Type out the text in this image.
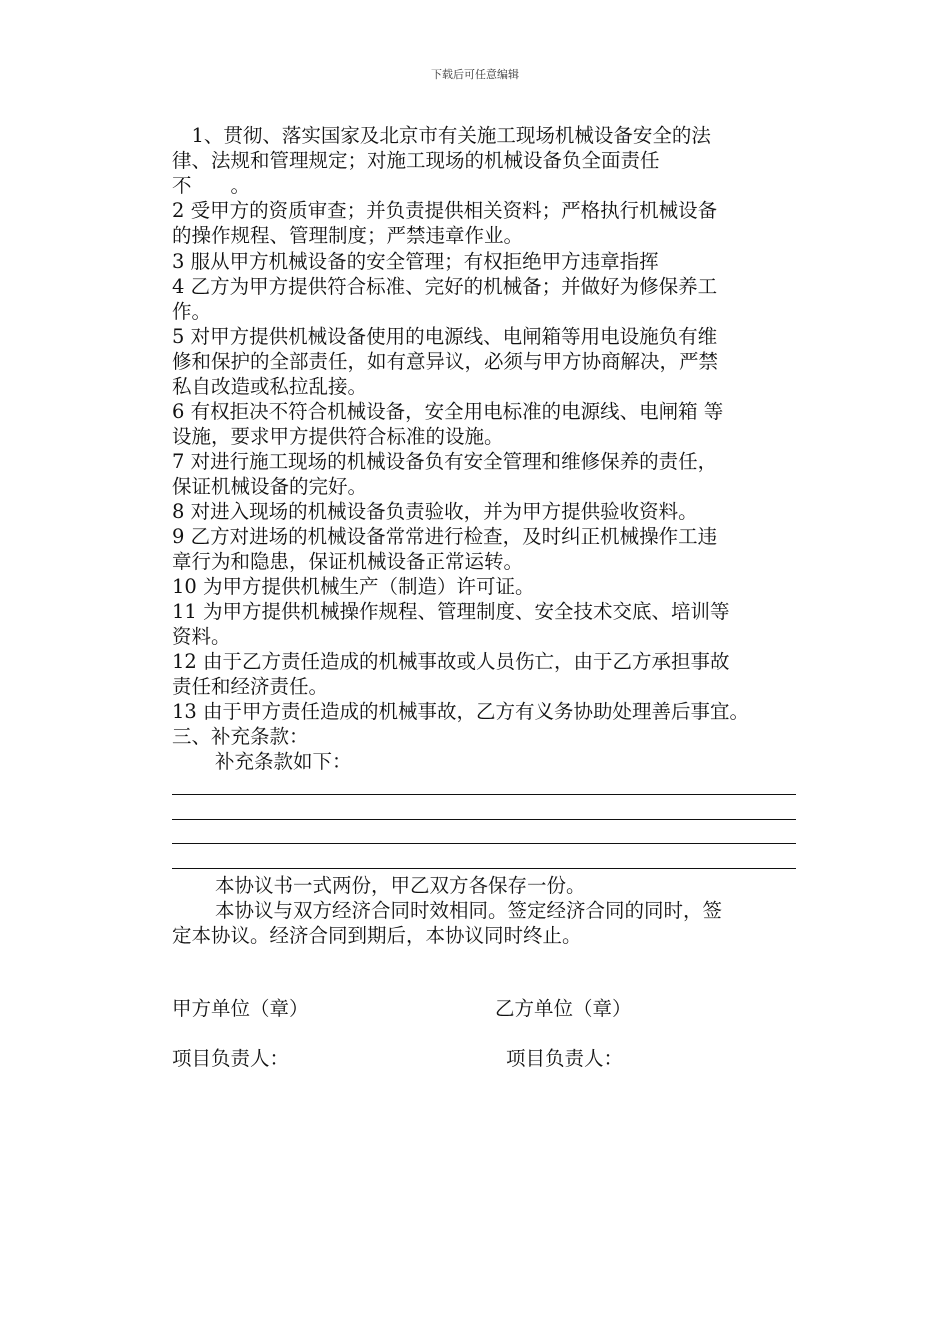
下载后可任意编辑
　1、贯彻、落实国家及北京市有关施工现场机械设备安全的法
律、法规和管理规定；对施工现场的机械设备负全面责任
不　　。
2 受甲方的资质审查；并负责提供相关资料；严格执行机械设备
的操作规程、管理制度；严禁违章作业。
3 服从甲方机械设备的安全管理；有权拒绝甲方违章指挥
4 乙方为甲方提供符合标准、完好的机械备；并做好为修保养工
作。
5 对甲方提供机械设备使用的电源线、电闸箱等用电设施负有维
修和保护的全部责任，如有意异议，必须与甲方协商解决，严禁
私自改造或私拉乱接。
6 有权拒决不符合机械设备，安全用电标准的电源线、电闸箱 等
设施，要求甲方提供符合标准的设施。
7 对进行施工现场的机械设备负有安全管理和维修保养的责任，
保证机械设备的完好。
8 对进入现场的机械设备负责验收，并为甲方提供验收资料。
9 乙方对进场的机械设备常常进行检查，及时纠正机械操作工违
章行为和隐患，保证机械设备正常运转。
10 为甲方提供机械生产（制造）许可证。
11 为甲方提供机械操作规程、管理制度、安全技术交底、培训等
资料。
12 由于乙方责任造成的机械事故或人员伤亡，由于乙方承担事故
责任和经济责任。
13 由于甲方责任造成的机械事故，乙方有义务协助处理善后事宜。
三、补充条款：
补充条款如下：
本协议书一式两份，甲乙双方各保存一份。
本协议与双方经济合同时效相同。签定经济合同的同时，签
定本协议。经济合同到期后，本协议同时终止。
甲方单位（章）	乙方单位（章）
项目负责人：	项目负责人：
